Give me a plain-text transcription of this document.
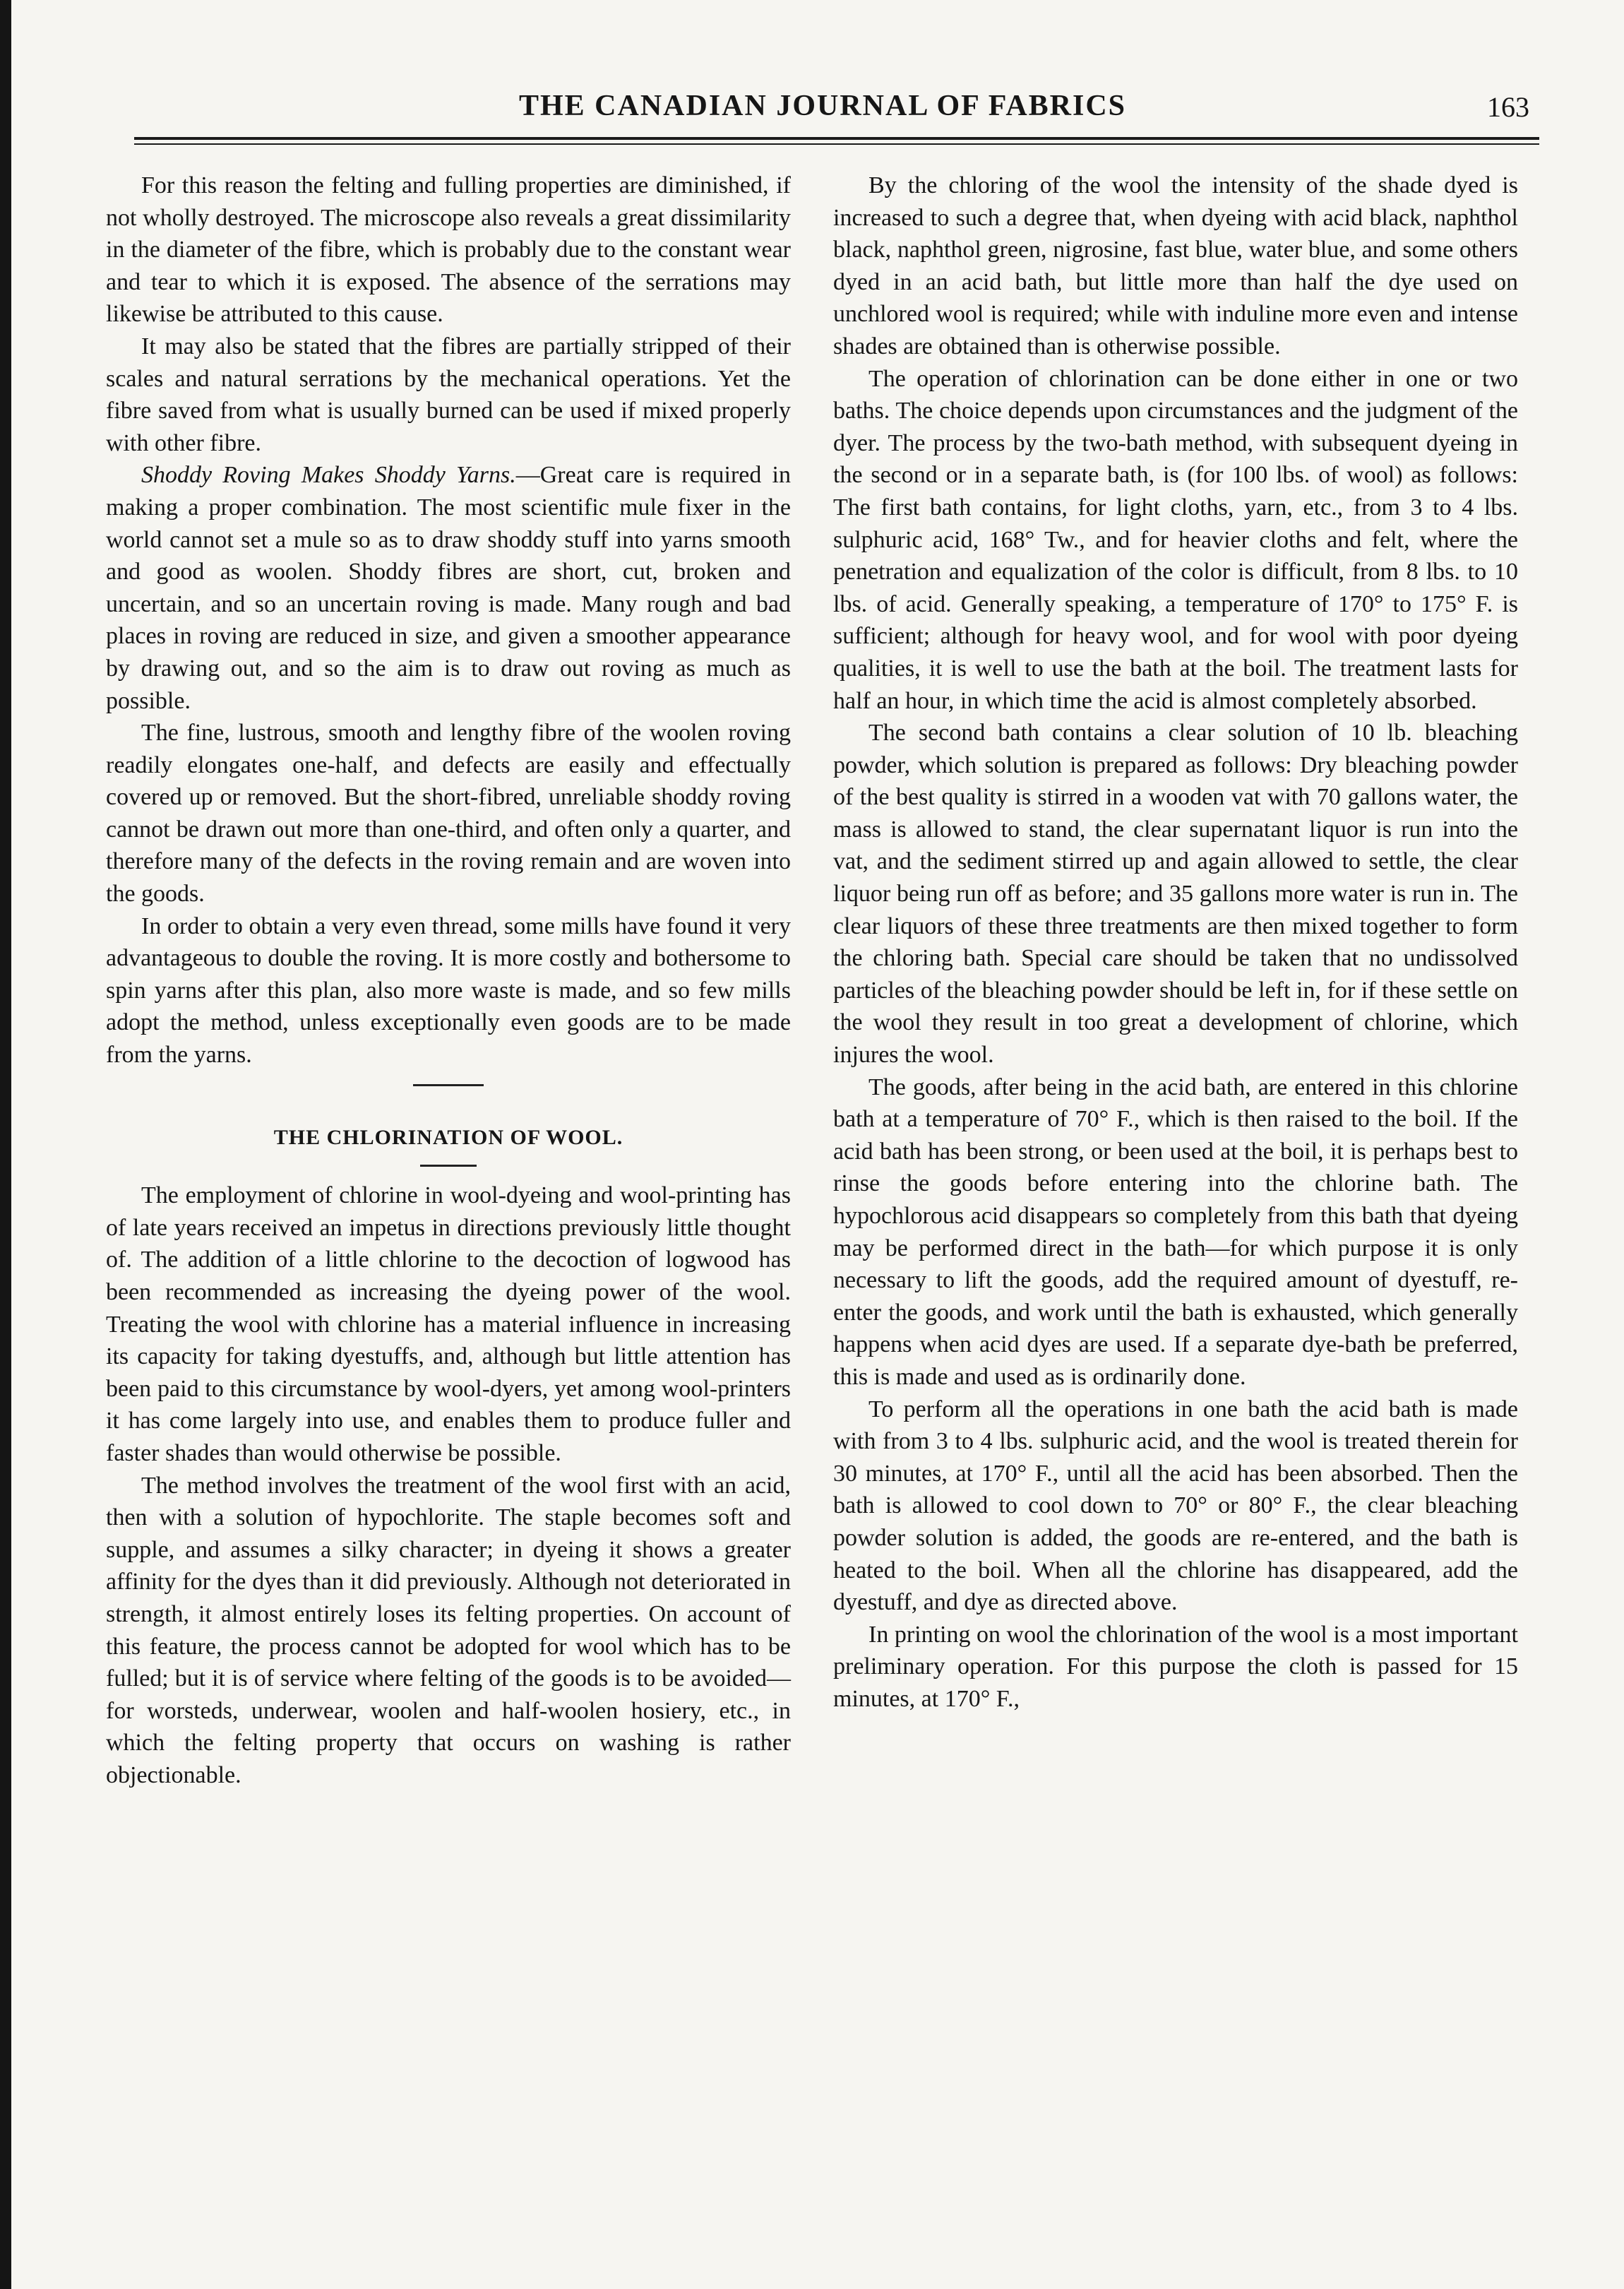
THE CANADIAN JOURNAL OF FABRICS	163

For this reason the felting and fulling properties are diminished, if not wholly destroyed. The microscope also reveals a great dissimilarity in the diameter of the fibre, which is probably due to the constant wear and tear to which it is exposed. The absence of the serrations may likewise be attributed to this cause.

It may also be stated that the fibres are partially stripped of their scales and natural serrations by the mechanical operations. Yet the fibre saved from what is usually burned can be used if mixed properly with other fibre.

Shoddy Roving Makes Shoddy Yarns.—Great care is required in making a proper combination. The most scientific mule fixer in the world cannot set a mule so as to draw shoddy stuff into yarns smooth and good as woolen. Shoddy fibres are short, cut, broken and uncertain, and so an uncertain roving is made. Many rough and bad places in roving are reduced in size, and given a smoother appearance by drawing out, and so the aim is to draw out roving as much as possible.

The fine, lustrous, smooth and lengthy fibre of the woolen roving readily elongates one-half, and defects are easily and effectually covered up or removed. But the short-fibred, unreliable shoddy roving cannot be drawn out more than one-third, and often only a quarter, and therefore many of the defects in the roving remain and are woven into the goods.

In order to obtain a very even thread, some mills have found it very advantageous to double the roving. It is more costly and bothersome to spin yarns after this plan, also more waste is made, and so few mills adopt the method, unless exceptionally even goods are to be made from the yarns.

THE CHLORINATION OF WOOL.

The employment of chlorine in wool-dyeing and wool-printing has of late years received an impetus in directions previously little thought of. The addition of a little chlorine to the decoction of logwood has been recommended as increasing the dyeing power of the wool. Treating the wool with chlorine has a material influence in increasing its capacity for taking dyestuffs, and, although but little attention has been paid to this circumstance by wool-dyers, yet among wool-printers it has come largely into use, and enables them to produce fuller and faster shades than would otherwise be possible.

The method involves the treatment of the wool first with an acid, then with a solution of hypochlorite. The staple becomes soft and supple, and assumes a silky character; in dyeing it shows a greater affinity for the dyes than it did previously. Although not deteriorated in strength, it almost entirely loses its felting properties. On account of this feature, the process cannot be adopted for wool which has to be fulled; but it is of service where felting of the goods is to be avoided—for worsteds, underwear, woolen and half-woolen hosiery, etc., in which the felting property that occurs on washing is rather objectionable.

By the chloring of the wool the intensity of the shade dyed is increased to such a degree that, when dyeing with acid black, naphthol black, naphthol green, nigrosine, fast blue, water blue, and some others dyed in an acid bath, but little more than half the dye used on unchlored wool is required; while with induline more even and intense shades are obtained than is otherwise possible.

The operation of chlorination can be done either in one or two baths. The choice depends upon circumstances and the judgment of the dyer. The process by the two-bath method, with subsequent dyeing in the second or in a separate bath, is (for 100 lbs. of wool) as follows: The first bath contains, for light cloths, yarn, etc., from 3 to 4 lbs. sulphuric acid, 168° Tw., and for heavier cloths and felt, where the penetration and equalization of the color is difficult, from 8 lbs. to 10 lbs. of acid. Generally speaking, a temperature of 170° to 175° F. is sufficient; although for heavy wool, and for wool with poor dyeing qualities, it is well to use the bath at the boil. The treatment lasts for half an hour, in which time the acid is almost completely absorbed.

The second bath contains a clear solution of 10 lb. bleaching powder, which solution is prepared as follows: Dry bleaching powder of the best quality is stirred in a wooden vat with 70 gallons water, the mass is allowed to stand, the clear supernatant liquor is run into the vat, and the sediment stirred up and again allowed to settle, the clear liquor being run off as before; and 35 gallons more water is run in. The clear liquors of these three treatments are then mixed together to form the chloring bath. Special care should be taken that no undissolved particles of the bleaching powder should be left in, for if these settle on the wool they result in too great a development of chlorine, which injures the wool.

The goods, after being in the acid bath, are entered in this chlorine bath at a temperature of 70° F., which is then raised to the boil. If the acid bath has been strong, or been used at the boil, it is perhaps best to rinse the goods before entering into the chlorine bath. The hypochlorous acid disappears so completely from this bath that dyeing may be performed direct in the bath—for which purpose it is only necessary to lift the goods, add the required amount of dyestuff, re-enter the goods, and work until the bath is exhausted, which generally happens when acid dyes are used. If a separate dye-bath be preferred, this is made and used as is ordinarily done.

To perform all the operations in one bath the acid bath is made with from 3 to 4 lbs. sulphuric acid, and the wool is treated therein for 30 minutes, at 170° F., until all the acid has been absorbed. Then the bath is allowed to cool down to 70° or 80° F., the clear bleaching powder solution is added, the goods are re-entered, and the bath is heated to the boil. When all the chlorine has disappeared, add the dyestuff, and dye as directed above.

In printing on wool the chlorination of the wool is a most important preliminary operation. For this purpose the cloth is passed for 15 minutes, at 170° F.,
